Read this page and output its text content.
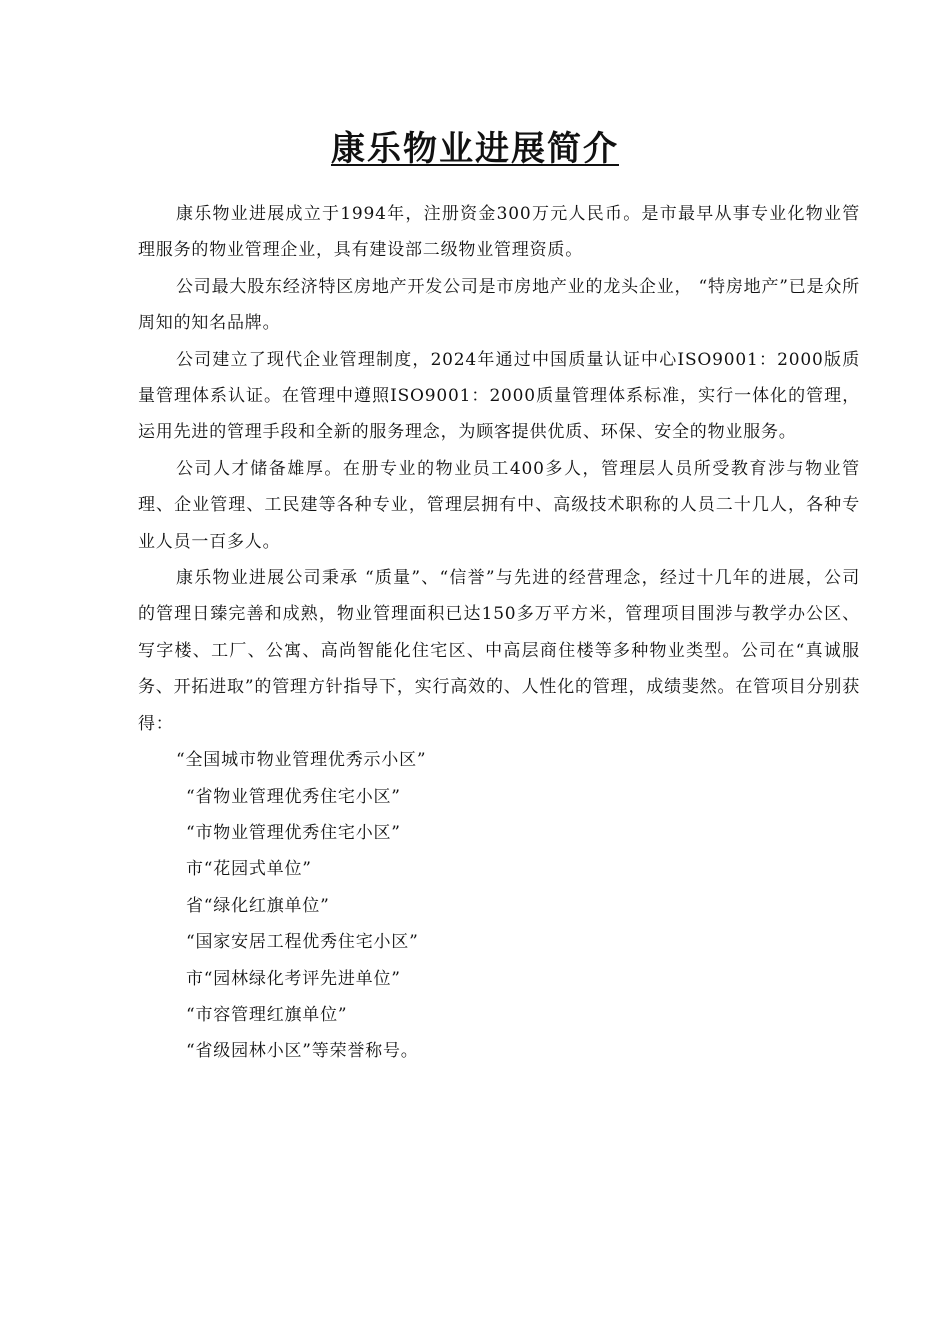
康乐物业进展简介

康乐物业进展成立于1994年，注册资金300万元人民币。是市最早从事专业化物业管理服务的物业管理企业，具有建设部二级物业管理资质。

公司最大股东经济特区房地产开发公司是市房地产业的龙头企业， “特房地产”已是众所周知的知名品牌。

公司建立了现代企业管理制度，2024年通过中国质量认证中心ISO9001：2000版质量管理体系认证。在管理中遵照ISO9001：2000质量管理体系标准，实行一体化的管理，运用先进的管理手段和全新的服务理念，为顾客提供优质、环保、安全的物业服务。

公司人才储备雄厚。在册专业的物业员工400多人，管理层人员所受教育涉与物业管理、企业管理、工民建等各种专业，管理层拥有中、高级技术职称的人员二十几人，各种专业人员一百多人。

康乐物业进展公司秉承 “质量”、“信誉”与先进的经营理念，经过十几年的进展，公司的管理日臻完善和成熟，物业管理面积已达150多万平方米，管理项目围涉与教学办公区、写字楼、工厂、公寓、高尚智能化住宅区、中高层商住楼等多种物业类型。公司在“真诚服务、开拓进取”的管理方针指导下，实行高效的、人性化的管理，成绩斐然。在管项目分别获得：

“全国城市物业管理优秀示小区”
“省物业管理优秀住宅小区”
“市物业管理优秀住宅小区”
市“花园式单位”
省“绿化红旗单位”
“国家安居工程优秀住宅小区”
市“园林绿化考评先进单位”
“市容管理红旗单位”
“省级园林小区”等荣誉称号。
